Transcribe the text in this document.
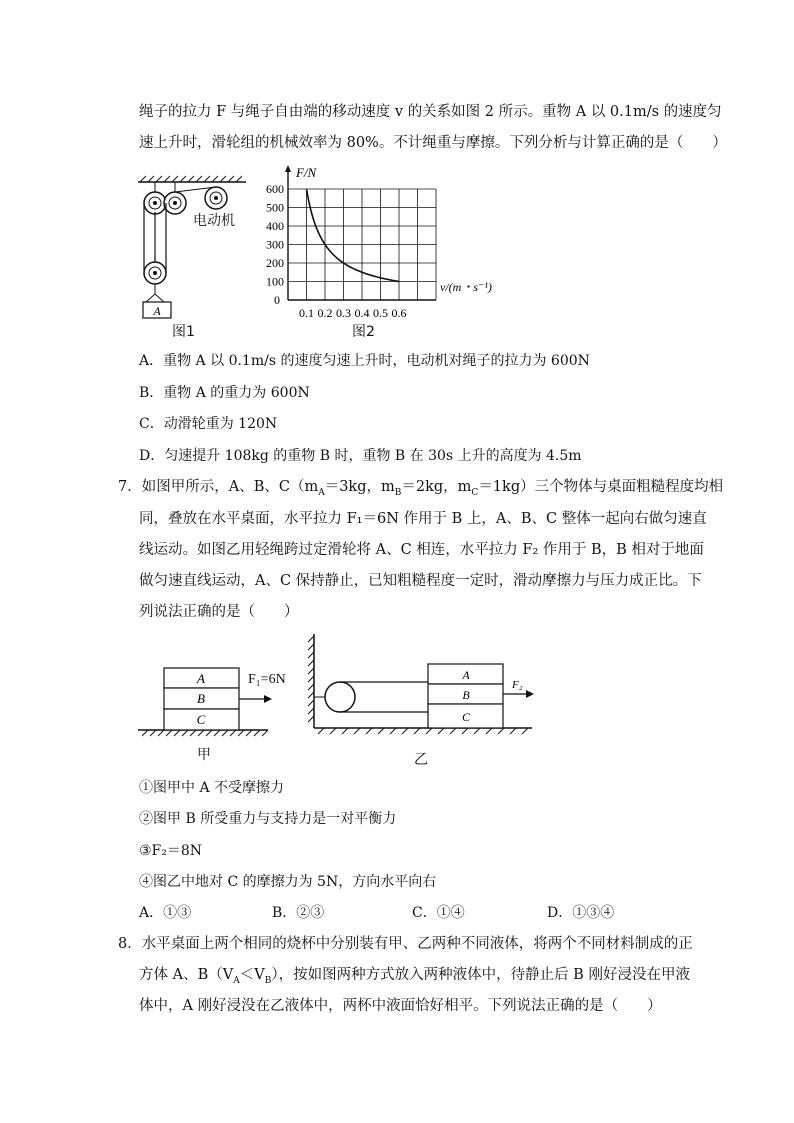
绳子的拉力 F 与绳子自由端的移动速度 v 的关系如图 2 所示。重物 A 以 0.1m/s 的速度匀
速上升时，滑轮组的机械效率为 80%。不计绳重与摩擦。下列分析与计算正确的是（　　）
A
电动机
图1
100
200
300
400
500
600
0
0.1 0.2 0.3 0.4 0.5 0.6
F/N
v/(m・s⁻¹)
图2
A．重物 A 以 0.1m/s 的速度匀速上升时，电动机对绳子的拉力为 600N
B．重物 A 的重力为 600N
C．动滑轮重为 120N
D．匀速提升 108kg 的重物 B 时，重物 B 在 30s 上升的高度为 4.5m
7．如图甲所示，A、B、$C(m_A=3kg$，$m_B=2kg$，$m_C=1kg$）三个物体与桌面粗糙程度均相
同，叠放在水平桌面，水平拉力 F₁＝6N 作用于 B 上，A、B、C 整体一起向右做匀速直
线运动。如图乙用轻绳跨过定滑轮将 A、C 相连，水平拉力 F₂ 作用于 B，B 相对于地面
做匀速直线运动，A、C 保持静止，已知粗糙程度一定时，滑动摩擦力与压力成正比。下
列说法正确的是（　　）
A
B
C
F₁=6N
甲
A
B
C
F₂
乙
①图甲中 A 不受摩擦力
②图甲 B 所受重力与支持力是一对平衡力
③F₂＝8N
④图乙中地对 C 的摩擦力为 5N，方向水平向右
A．①③	B．②③	C．①④	D．①③④
8．水平桌面上两个相同的烧杯中分别装有甲、乙两种不同液体，将两个不同材料制成的正
方体 A、$B(V_A<V_B)$，按如图两种方式放入两种液体中，待静止后 B 刚好浸没在甲液
体中，A 刚好浸没在乙液体中，两杯中液面恰好相平。下列说法正确的是（　　）
